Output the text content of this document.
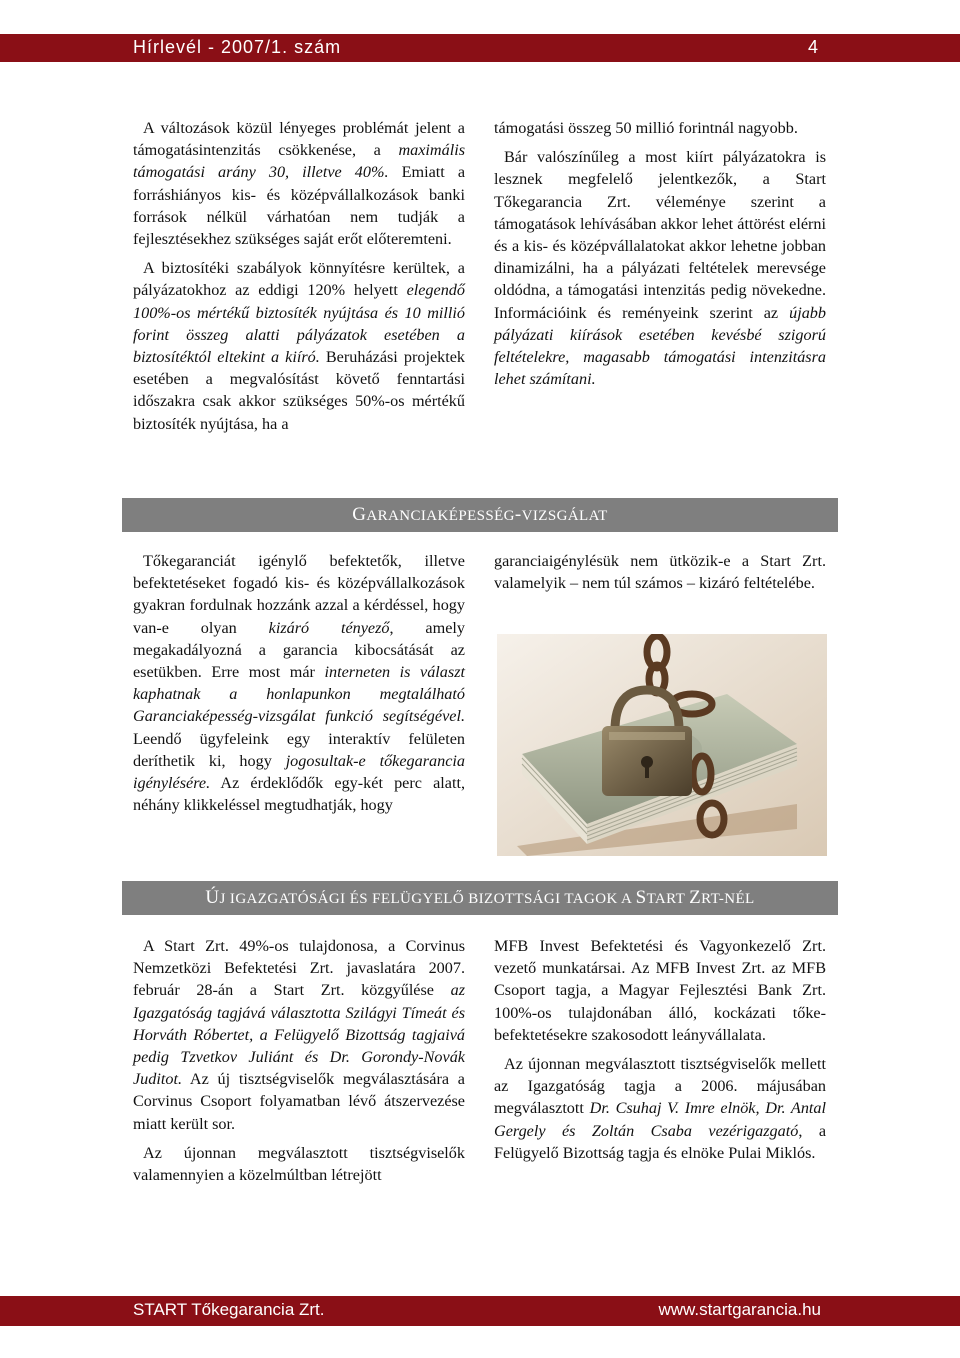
Hírlevél - 2007/1. szám	4

A változások közül lényeges problémát jelent a támogatásintenzitás csökkenése, a maximális támogatási arány 30, illetve 40%. Emiatt a forráshiányos kis- és középvállalkozások banki források nélkül várhatóan nem tudják a fejlesztésekhez szükséges saját erőt előteremteni.

A biztosítéki szabályok könnyítésre kerültek, a pályázatokhoz az eddigi 120% helyett elegendő 100%-os mértékű biztosíték nyújtása és 10 millió forint összeg alatti pályázatok esetében a biztosítéktól eltekint a kiíró. Beruházási projektek esetében a megvalósítást követő fenntartási időszakra csak akkor szükséges 50%-os mértékű biztosíték nyújtása, ha a

támogatási összeg 50 millió forintnál nagyobb.

Bár valószínűleg a most kiírt pályázatokra is lesznek megfelelő jelentkezők, a Start Tőkegarancia Zrt. véleménye szerint a támogatások lehívásában akkor lehet áttörést elérni és a kis- és középvállalatokat akkor lehetne jobban dinamizálni, ha a pályázati feltételek merevsége oldódna, a támogatási intenzitás pedig növekedne. Információink és reményeink szerint az újabb pályázati kiírások esetében kevésbé szigorú feltételekre, magasabb támogatási intenzitásra lehet számítani.

GARANCIAKÉPESSÉG-VIZSGÁLAT

Tőkegaranciát igénylő befektetők, illetve befektetéseket fogadó kis- és középvállalkozások gyakran fordulnak hozzánk azzal a kérdéssel, hogy van-e olyan kizáró tényező, amely megakadályozná a garancia kibocsátását az esetükben. Erre most már interneten is választ kaphatnak a honlapunkon megtalálható Garanciaképesség-vizsgálat funkció segítségével. Leendő ügyfeleink egy interaktív felületen deríthetik ki, hogy jogosultak-e tőkegarancia igénylésére. Az érdeklődők egy-két perc alatt, néhány klikkeléssel megtudhatják, hogy

garanciaigénylésük nem ütközik-e a Start Zrt. valamelyik – nem túl számos – kizáró feltételébe.

ÚJ IGAZGATÓSÁGI ÉS FELÜGYELŐ BIZOTTSÁGI TAGOK A START ZRT-NÉL

A Start Zrt. 49%-os tulajdonosa, a Corvinus Nemzetközi Befektetési Zrt. javaslatára 2007. február 28-án a Start Zrt. közgyűlése az Igazgatóság tagjává választotta Szilágyi Tímeát és Horváth Róbertet, a Felügyelő Bizottság tagjaivá pedig Tzvetkov Juliánt és Dr. Gorondy-Novák Juditot. Az új tisztségviselők megválasztására a Corvinus Csoport folyamatban lévő átszervezése miatt került sor.

Az újonnan megválasztott tisztségviselők valamennyien a közelmúltban létrejött

MFB Invest Befektetési és Vagyonkezelő Zrt. vezető munkatársai. Az MFB Invest Zrt. az MFB Csoport tagja, a Magyar Fejlesztési Bank Zrt. 100%-os tulajdonában álló, kockázati tőke-befektetésekre szakosodott leányvállalata.

Az újonnan megválasztott tisztségviselők mellett az Igazgatóság tagja a 2006. májusában megválasztott Dr. Csuhaj V. Imre elnök, Dr. Antal Gergely és Zoltán Csaba vezérigazgató, a Felügyelő Bizottság tagja és elnöke Pulai Miklós.

START Tőkegarancia Zrt.	www.startgarancia.hu
